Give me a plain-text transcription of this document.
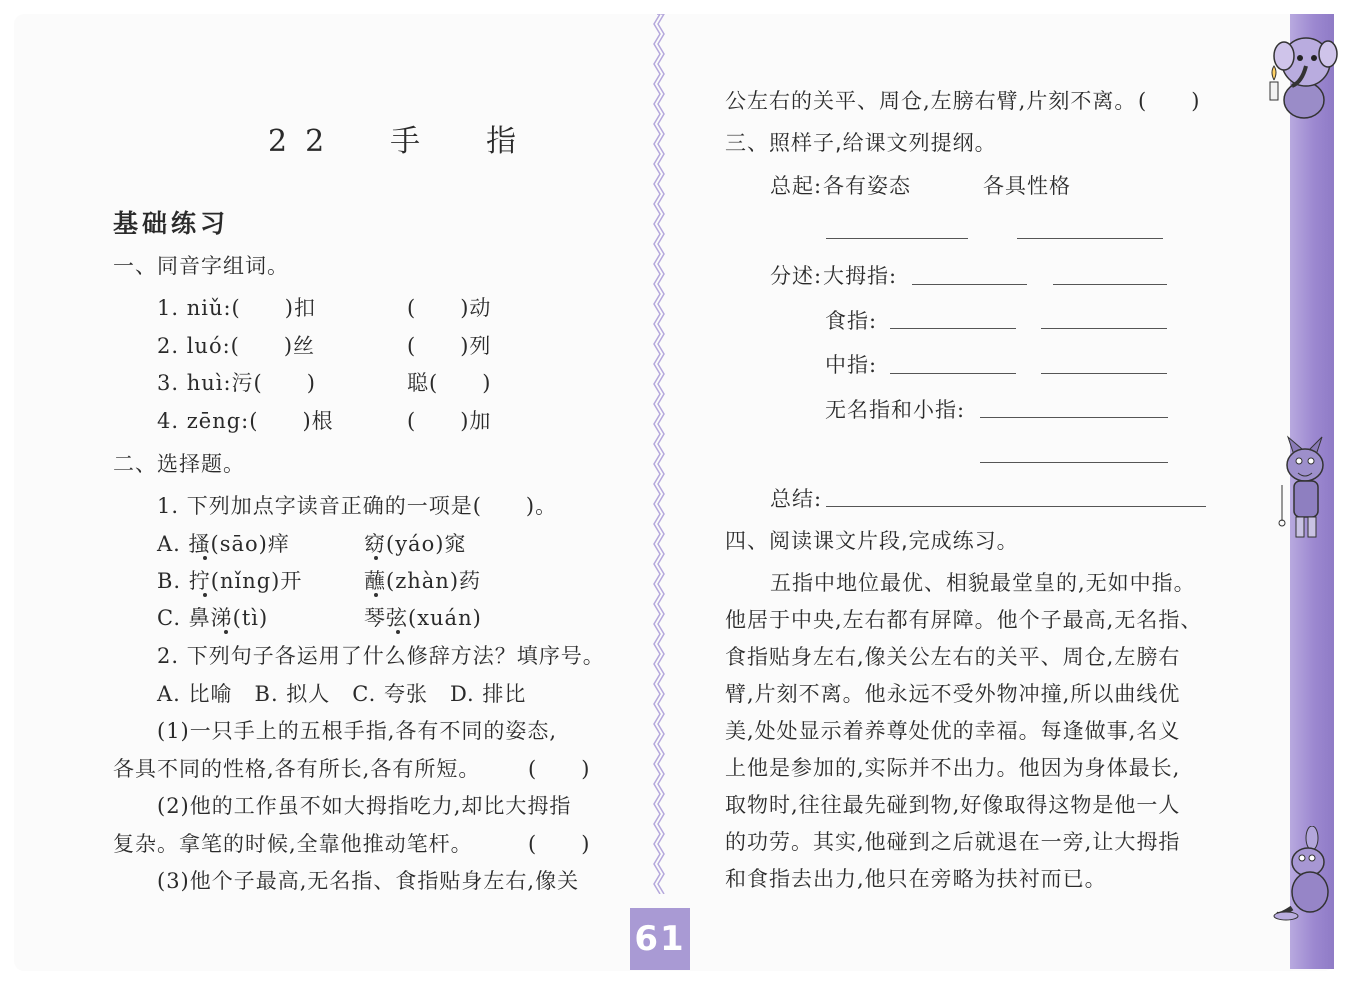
22　手　指
基础练习
一、同音字组词。
1. niǔ:(　　)扣	(　　)动
2. luó:(　　)丝	(　　)列
3. huì:污(　　)	聪(　　)
4. zēng:(　　)根	(　　)加
二、选择题。
1. 下列加点字读音正确的一项是(　　)。
A. 搔(sāo)痒	窈(yáo)窕
B. 拧(nǐng)开	蘸(zhàn)药
C. 鼻涕(tì)	琴弦(xuán)
2. 下列句子各运用了什么修辞方法？填序号。
A. 比喻　B. 拟人　C. 夸张　D. 排比
(1)一只手上的五根手指,各有不同的姿态,
各具不同的性格,各有所长,各有所短。 (　　)
(2)他的工作虽不如大拇指吃力,却比大拇指
复杂。拿笔的时候,全靠他推动笔杆。	(　　)
(3)他个子最高,无名指、食指贴身左右,像关
61
公左右的关平、周仓,左膀右臂,片刻不离。 (　　)
三、照样子,给课文列提纲。
总起: 各有姿态	各具性格
分述: 大拇指:
食指:
中指:
无名指和小指:
总结:
四、阅读课文片段,完成练习。
五指中地位最优、相貌最堂皇的,无如中指。
他居于中央,左右都有屏障。他个子最高,无名指、
食指贴身左右,像关公左右的关平、周仓,左膀右
臂,片刻不离。他永远不受外物冲撞,所以曲线优
美,处处显示着养尊处优的幸福。每逢做事,名义
上他是参加的,实际并不出力。他因为身体最长,
取物时,往往最先碰到物,好像取得这物是他一人
的功劳。其实,他碰到之后就退在一旁,让大拇指
和食指去出力,他只在旁略为扶衬而已。
